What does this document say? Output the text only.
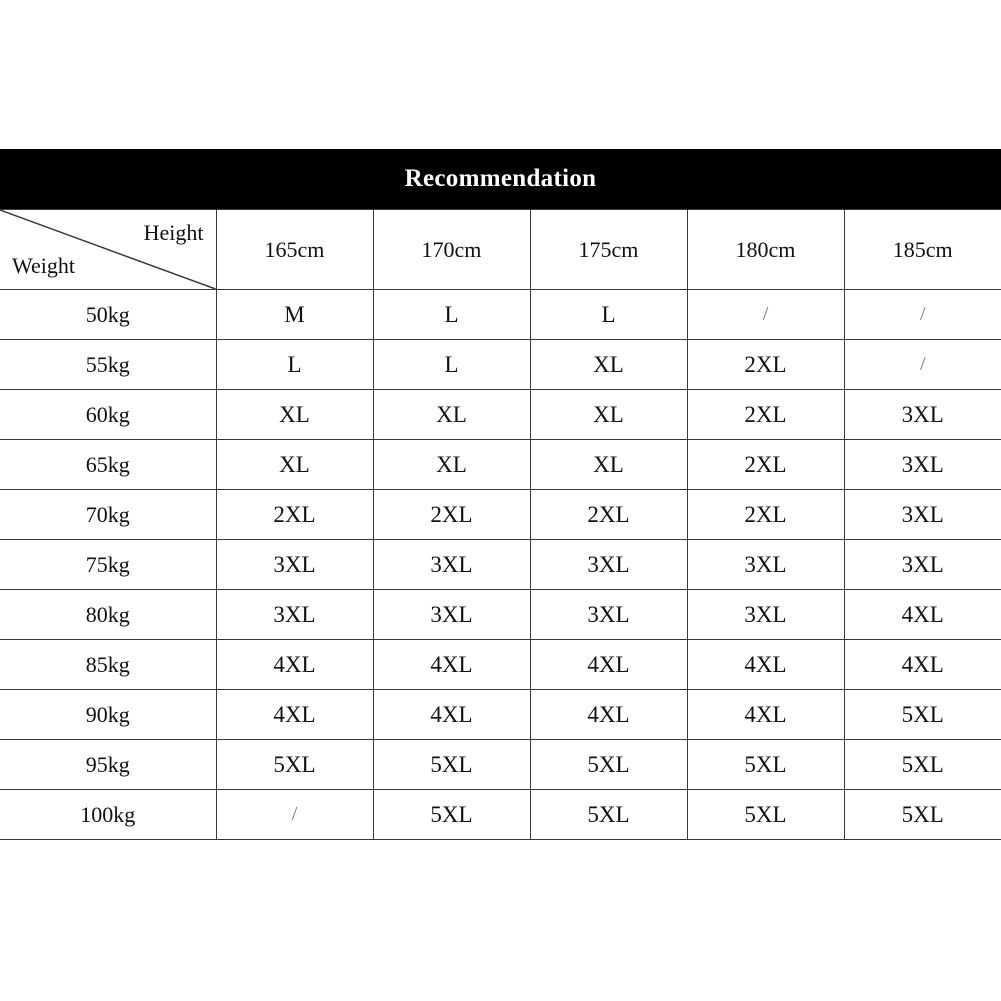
Recommendation
Height
Weight	165cm	170cm	175cm	180cm	185cm
50kg	M	L	L	/	/
55kg	L	L	XL	2XL	/
60kg	XL	XL	XL	2XL	3XL
65kg	XL	XL	XL	2XL	3XL
70kg	2XL	2XL	2XL	2XL	3XL
75kg	3XL	3XL	3XL	3XL	3XL
80kg	3XL	3XL	3XL	3XL	4XL
85kg	4XL	4XL	4XL	4XL	4XL
90kg	4XL	4XL	4XL	4XL	5XL
95kg	5XL	5XL	5XL	5XL	5XL
100kg	/	5XL	5XL	5XL	5XL
